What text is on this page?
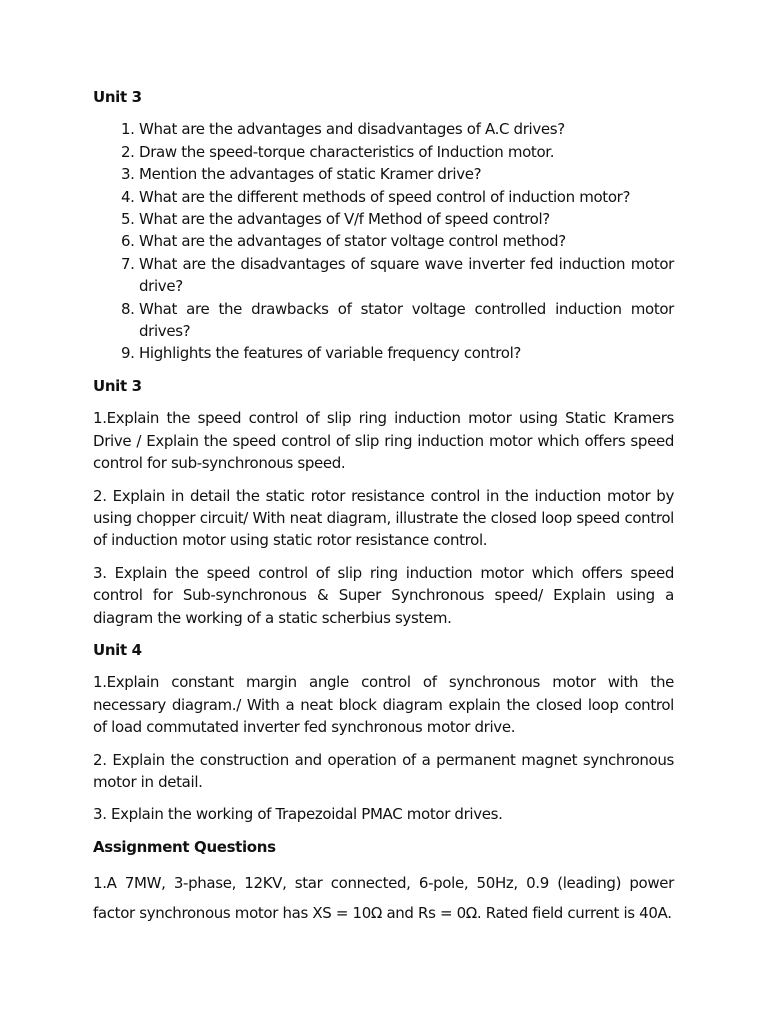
Unit 3
1. What are the advantages and disadvantages of A.C drives?
2. Draw the speed-torque characteristics of Induction motor.
3. Mention the advantages of static Kramer drive?
4. What are the different methods of speed control of induction motor?
5. What are the advantages of V/f Method of speed control?
6. What are the advantages of stator voltage control method?
7. What are the disadvantages of square wave inverter fed induction motor drive?
8. What are the drawbacks of stator voltage controlled induction motor drives?
9. Highlights the features of variable frequency control?
Unit 3

1.Explain the speed control of slip ring induction motor using Static Kramers Drive / Explain the speed control of slip ring induction motor which offers speed control for sub-synchronous speed.

2. Explain in detail the static rotor resistance control in the induction motor by using chopper circuit/ With neat diagram, illustrate the closed loop speed control of induction motor using static rotor resistance control.

3. Explain the speed control of slip ring induction motor which offers speed control for Sub-synchronous & Super Synchronous speed/ Explain using a diagram the working of a static scherbius system.

Unit 4

1.Explain constant margin angle control of synchronous motor with the necessary diagram./ With a neat block diagram explain the closed loop control of load commutated inverter fed synchronous motor drive.

2. Explain the construction and operation of a permanent magnet synchronous motor in detail.

3. Explain the working of Trapezoidal PMAC motor drives.

Assignment Questions

1.A 7MW, 3-phase, 12KV, star connected, 6-pole, 50Hz, 0.9 (leading) power factor synchronous motor has XS = 10Ω and Rs = 0Ω. Rated field current is 40A.
